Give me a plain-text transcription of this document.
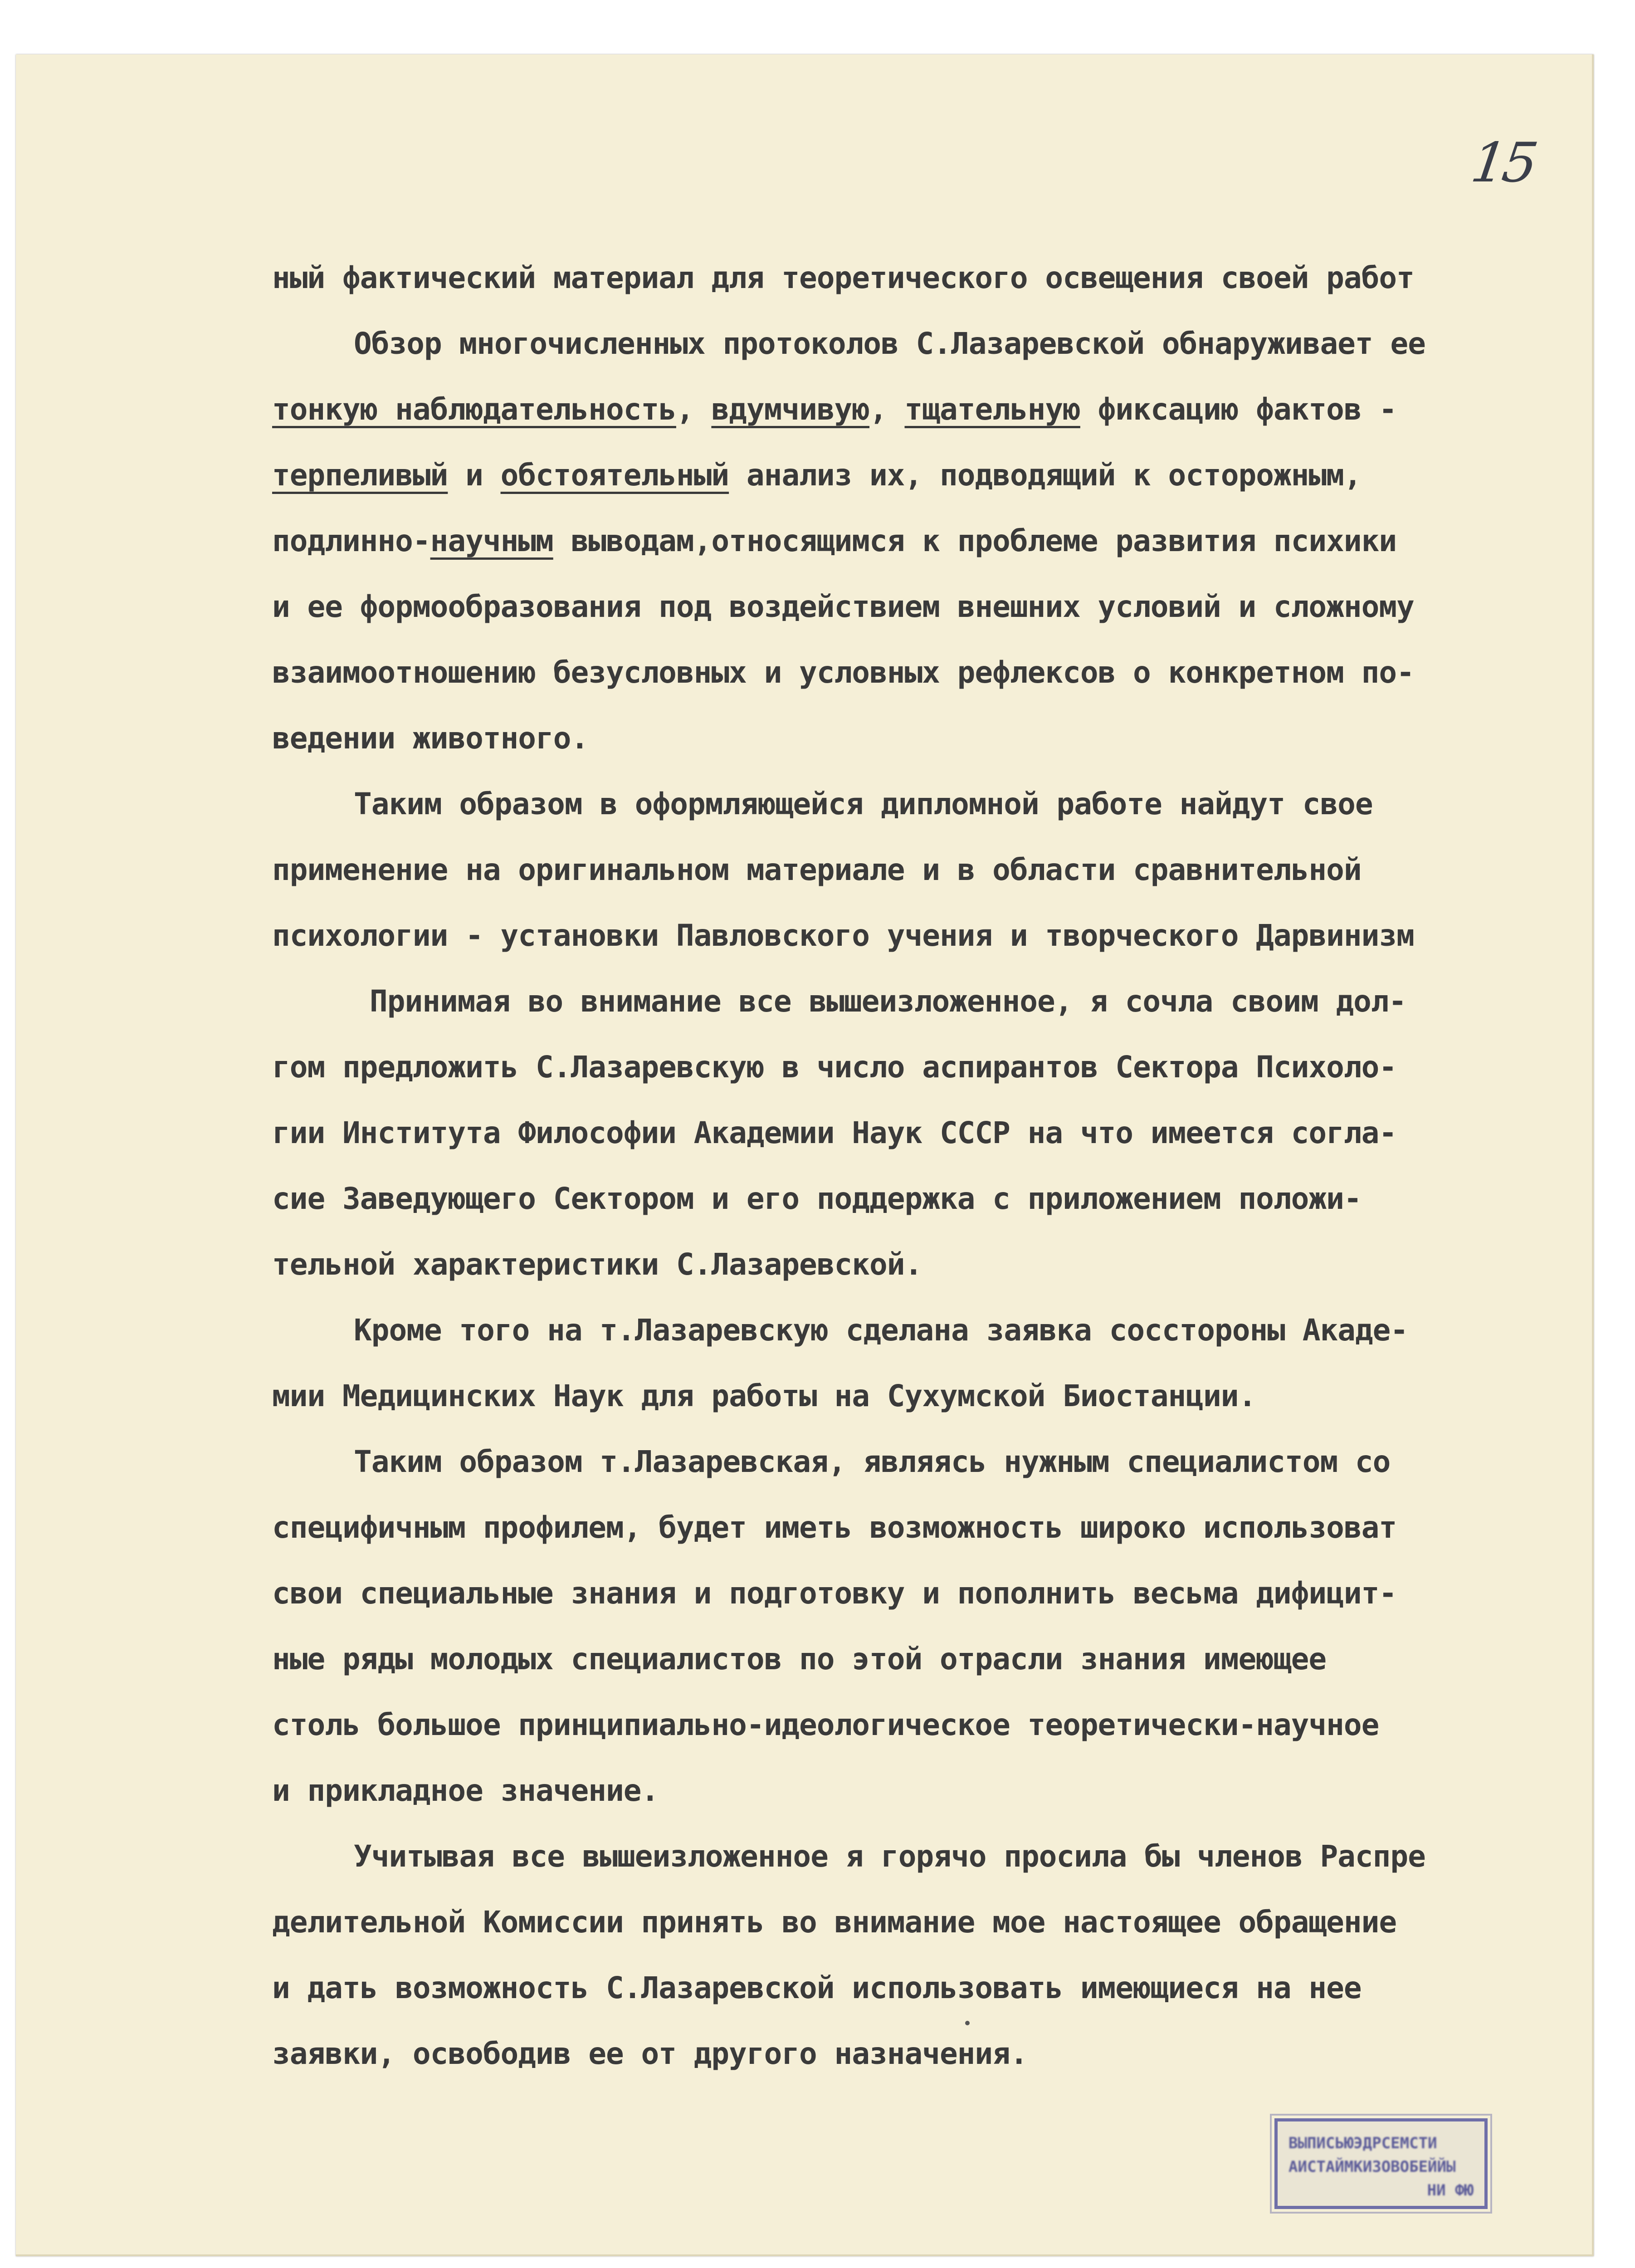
15
ный фактический материал для теоретического освещения своей работ
Обзор многочисленных протоколов С.Лазаревской обнаруживает ее
тонкую наблюдательность, вдумчивую, тщательную фиксацию фактов -
терпеливый и обстоятельный анализ их, подводящий к осторожным,
подлинно-научным выводам,относящимся к проблеме развития психики
и ее формообразования под воздействием внешних условий и сложному
взаимоотношению безусловных и условных рефлексов о конкретном по-
ведении животного.
Таким образом в оформляющейся дипломной работе найдут свое
применение на оригинальном материале и в области сравнительной
психологии - установки Павловского учения и творческого Дарвинизм
Принимая во внимание все вышеизложенное, я сочла своим дол-
гом предложить С.Лазаревскую в число аспирантов Сектора Психоло-
гии Института Философии Академии Наук СССР на что имеется согла-
сие Заведующего Сектором и его поддержка с приложением положи-
тельной характеристики С.Лазаревской.
Кроме того на т.Лазаревскую сделана заявка сосстороны Акаде-
мии Медицинских Наук для работы на Сухумской Биостанции.
Таким образом т.Лазаревская, являясь нужным специалистом со
специфичным профилем, будет иметь возможность широко использоват
свои специальные знания и подготовку и пополнить весьма дифицит-
ные ряды молодых специалистов по этой отрасли знания имеющее
столь большое принципиально-идеологическое теоретически-научное
и прикладное значение.
Учитывая все вышеизложенное я горячо просила бы членов Распре
делительной Комиссии принять во внимание мое настоящее обращение
и дать возможность С.Лазаревской использовать имеющиеся на нее
заявки, освободив ее от другого назначения.
ВЫПИСЬЮЭДРСЕМСТИ
АИСТАЙМКИЗОВОБЕЙЙЫ
НИ ФЮ
